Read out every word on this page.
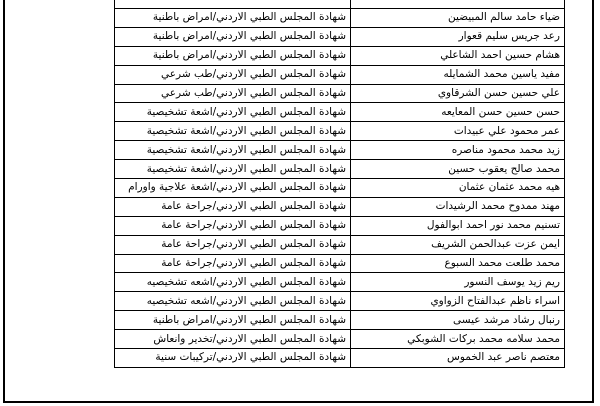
ضياء حامد سالم المبيضين	شهادة المجلس الطبي الاردني/امراض باطنية
رعد جريس سليم قعوار	شهادة المجلس الطبي الاردني/امراض باطنية
هشام حسين احمد الشاعلي	شهادة المجلس الطبي الاردني/امراض باطنية
مفيد ياسين محمد الشمايله	شهادة المجلس الطبي الاردني/طب شرعي
علي حسين حسن الشرقاوي	شهادة المجلس الطبي الاردني/طب شرعي
حسن حسين حسن المعايعه	شهادة المجلس الطبي الاردني/اشعة تشخيصية
عمر محمود علي عبيدات	شهادة المجلس الطبي الاردني/اشعة تشخيصية
زيد محمد محمود مناصره	شهادة المجلس الطبي الاردني/اشعة تشخيصية
محمد صالح يعقوب حسين	شهادة المجلس الطبي الاردني/اشعة تشخيصية
هيه محمد عثمان عثمان	شهادة المجلس الطبي الاردني/اشعة علاجية واورام
مهند ممدوح محمد الرشيدات	شهادة المجلس الطبي الاردني/جراحة عامة
تسنيم محمد نور احمد ابوالفول	شهادة المجلس الطبي الاردني/جراحة عامة
ايمن عزت عبدالحمن الشريف	شهادة المجلس الطبي الاردني/جراحة عامة
محمد طلعت محمد السبوع	شهادة المجلس الطبي الاردني/جراحة عامة
ريم زيد يوسف النسور	شهادة المجلس الطبي الاردني/اشعه تشخيصيه
اسراء ناظم عبدالفتاح الزواوي	شهادة المجلس الطبي الاردني/اشعه تشخيصيه
رنبال رشاد مرشد عيسى	شهادة المجلس الطبي الاردني/امراض باطنية
محمد سلامه محمد بركات الشوبكي	شهادة المجلس الطبي الاردني/تخدير وانعاش
معتصم ناصر عبد الخموس	شهادة المجلس الطبي الاردني/تركيبات سنية
